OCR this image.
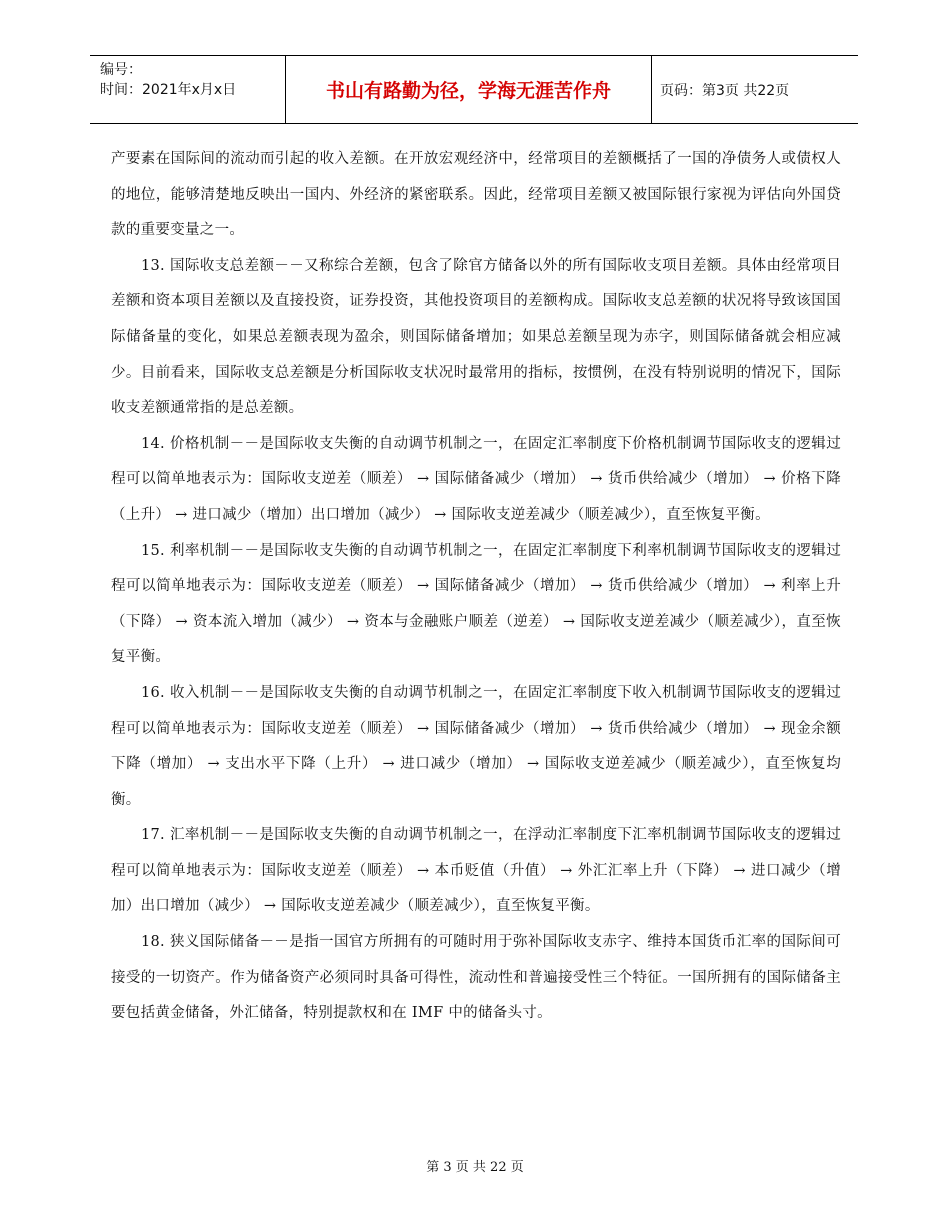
编号：
时间：2021年x月x日	书山有路勤为径，学海无涯苦作舟	页码：第3页 共22页

产要素在国际间的流动而引起的收入差额。在开放宏观经济中，经常项目的差额概括了一国的净债务人或债权人的地位，能够清楚地反映出一国内、外经济的紧密联系。因此，经常项目差额又被国际银行家视为评估向外国贷款的重要变量之一。

13. 国际收支总差额－－又称综合差额，包含了除官方储备以外的所有国际收支项目差额。具体由经常项目差额和资本项目差额以及直接投资，证券投资，其他投资项目的差额构成。国际收支总差额的状况将导致该国国际储备量的变化，如果总差额表现为盈余，则国际储备增加；如果总差额呈现为赤字，则国际储备就会相应减少。目前看来，国际收支总差额是分析国际收支状况时最常用的指标，按惯例，在没有特别说明的情况下，国际收支差额通常指的是总差额。

14. 价格机制－－是国际收支失衡的自动调节机制之一，在固定汇率制度下价格机制调节国际收支的逻辑过程可以简单地表示为：国际收支逆差（顺差） → 国际储备减少（增加） → 货币供给减少（增加） → 价格下降（上升） → 进口减少（增加）出口增加（减少） → 国际收支逆差减少（顺差减少），直至恢复平衡。

15. 利率机制－－是国际收支失衡的自动调节机制之一，在固定汇率制度下利率机制调节国际收支的逻辑过程可以简单地表示为：国际收支逆差（顺差） → 国际储备减少（增加） → 货币供给减少（增加） → 利率上升（下降） → 资本流入增加（减少） → 资本与金融账户顺差（逆差） → 国际收支逆差减少（顺差减少），直至恢复平衡。

16. 收入机制－－是国际收支失衡的自动调节机制之一，在固定汇率制度下收入机制调节国际收支的逻辑过程可以简单地表示为：国际收支逆差（顺差） → 国际储备减少（增加） → 货币供给减少（增加） → 现金余额下降（增加） → 支出水平下降（上升） → 进口减少（增加） → 国际收支逆差减少（顺差减少），直至恢复均衡。

17. 汇率机制－－是国际收支失衡的自动调节机制之一，在浮动汇率制度下汇率机制调节国际收支的逻辑过程可以简单地表示为：国际收支逆差（顺差） → 本币贬值（升值） → 外汇汇率上升（下降） → 进口减少（增加）出口增加（减少） → 国际收支逆差减少（顺差减少），直至恢复平衡。

18. 狭义国际储备－－是指一国官方所拥有的可随时用于弥补国际收支赤字、维持本国货币汇率的国际间可接受的一切资产。作为储备资产必须同时具备可得性，流动性和普遍接受性三个特征。一国所拥有的国际储备主要包括黄金储备，外汇储备，特别提款权和在 IMF 中的储备头寸。

第 3 页 共 22 页
